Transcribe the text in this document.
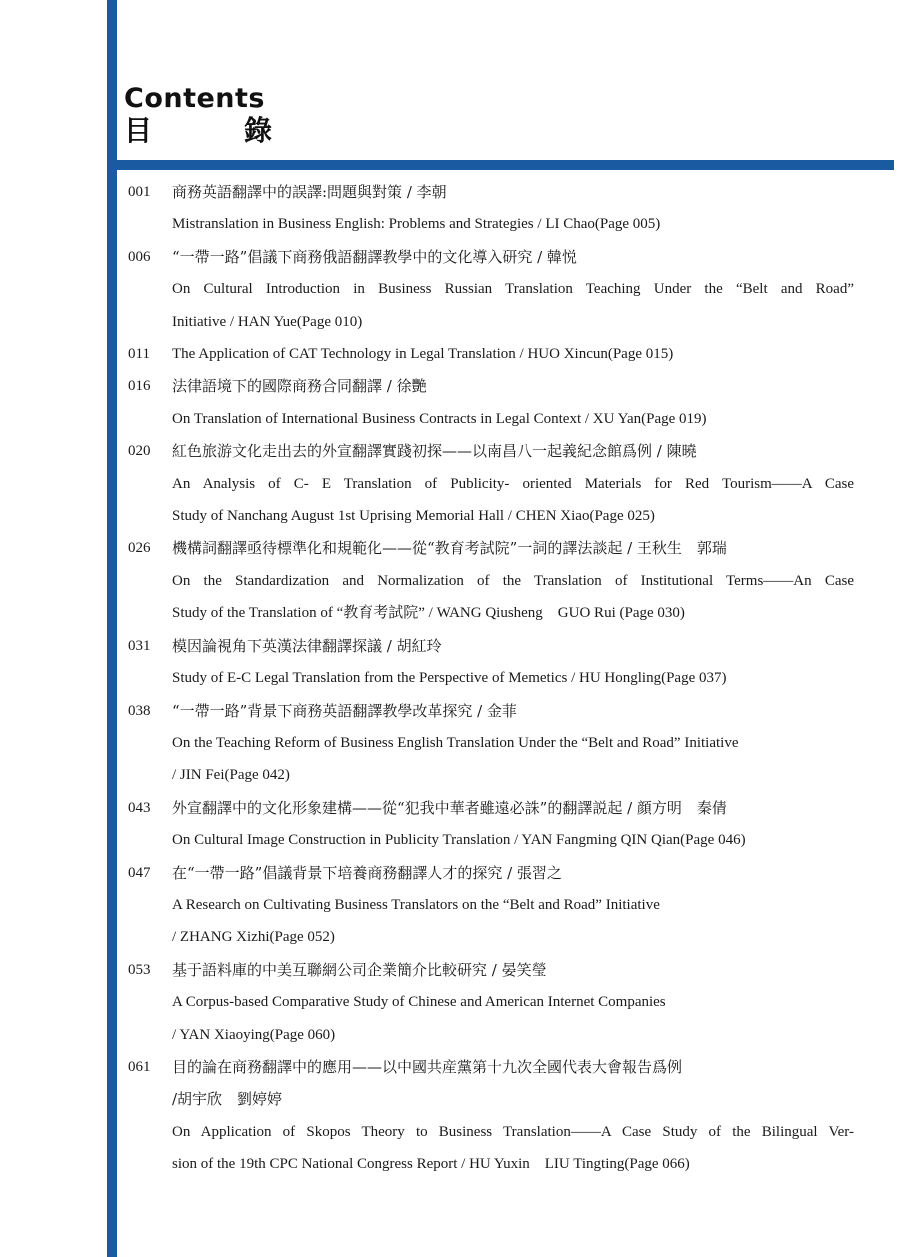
Contents
目	錄
001	商務英語翻譯中的誤譯:問題與對策 / 李朝
Mistranslation in Business English: Problems and Strategies / LI Chao(Page 005)
006	“一帶一路”倡議下商務俄語翻譯教學中的文化導入研究 / 韓悦
On Cultural Introduction in Business Russian Translation Teaching Under the “Belt and Road”
Initiative / HAN Yue(Page 010)
011	The Application of CAT Technology in Legal Translation / HUO Xincun(Page 015)
016	法律語境下的國際商務合同翻譯 / 徐艷
On Translation of International Business Contracts in Legal Context / XU Yan(Page 019)
020	紅色旅游文化走出去的外宣翻譯實踐初探——以南昌八一起義紀念館爲例 / 陳曉
An Analysis of C- E Translation of Publicity- oriented Materials for Red Tourism——A Case
Study of Nanchang August 1st Uprising Memorial Hall / CHEN Xiao(Page 025)
026	機構詞翻譯亟待標準化和規範化——從“教育考試院”一詞的譯法談起 / 王秋生　郭瑞
On the Standardization and Normalization of the Translation of Institutional Terms——An Case
Study of the Translation of “教育考試院” / WANG Qiusheng　GUO Rui (Page 030)
031	模因論視角下英漢法律翻譯探議 / 胡紅玲
Study of E-C Legal Translation from the Perspective of Memetics / HU Hongling(Page 037)
038	“一帶一路”背景下商務英語翻譯教學改革探究 / 金菲
On the Teaching Reform of Business English Translation Under the “Belt and Road” Initiative
/ JIN Fei(Page 042)
043	外宣翻譯中的文化形象建構——從“犯我中華者雖遠必誅”的翻譯説起 / 顔方明　秦倩
On Cultural Image Construction in Publicity Translation / YAN Fangming QIN Qian(Page 046)
047	在“一帶一路”倡議背景下培養商務翻譯人才的探究 / 張習之
A Research on Cultivating Business Translators on the “Belt and Road” Initiative
/ ZHANG Xizhi(Page 052)
053	基于語料庫的中美互聯網公司企業簡介比較研究 / 晏笑瑩
A Corpus-based Comparative Study of Chinese and American Internet Companies
/ YAN Xiaoying(Page 060)
061	目的論在商務翻譯中的應用——以中國共産黨第十九次全國代表大會報告爲例
/胡宇欣　劉婷婷
On Application of Skopos Theory to Business Translation——A Case Study of the Bilingual Ver-
sion of the 19th CPC National Congress Report / HU Yuxin　LIU Tingting(Page 066)
